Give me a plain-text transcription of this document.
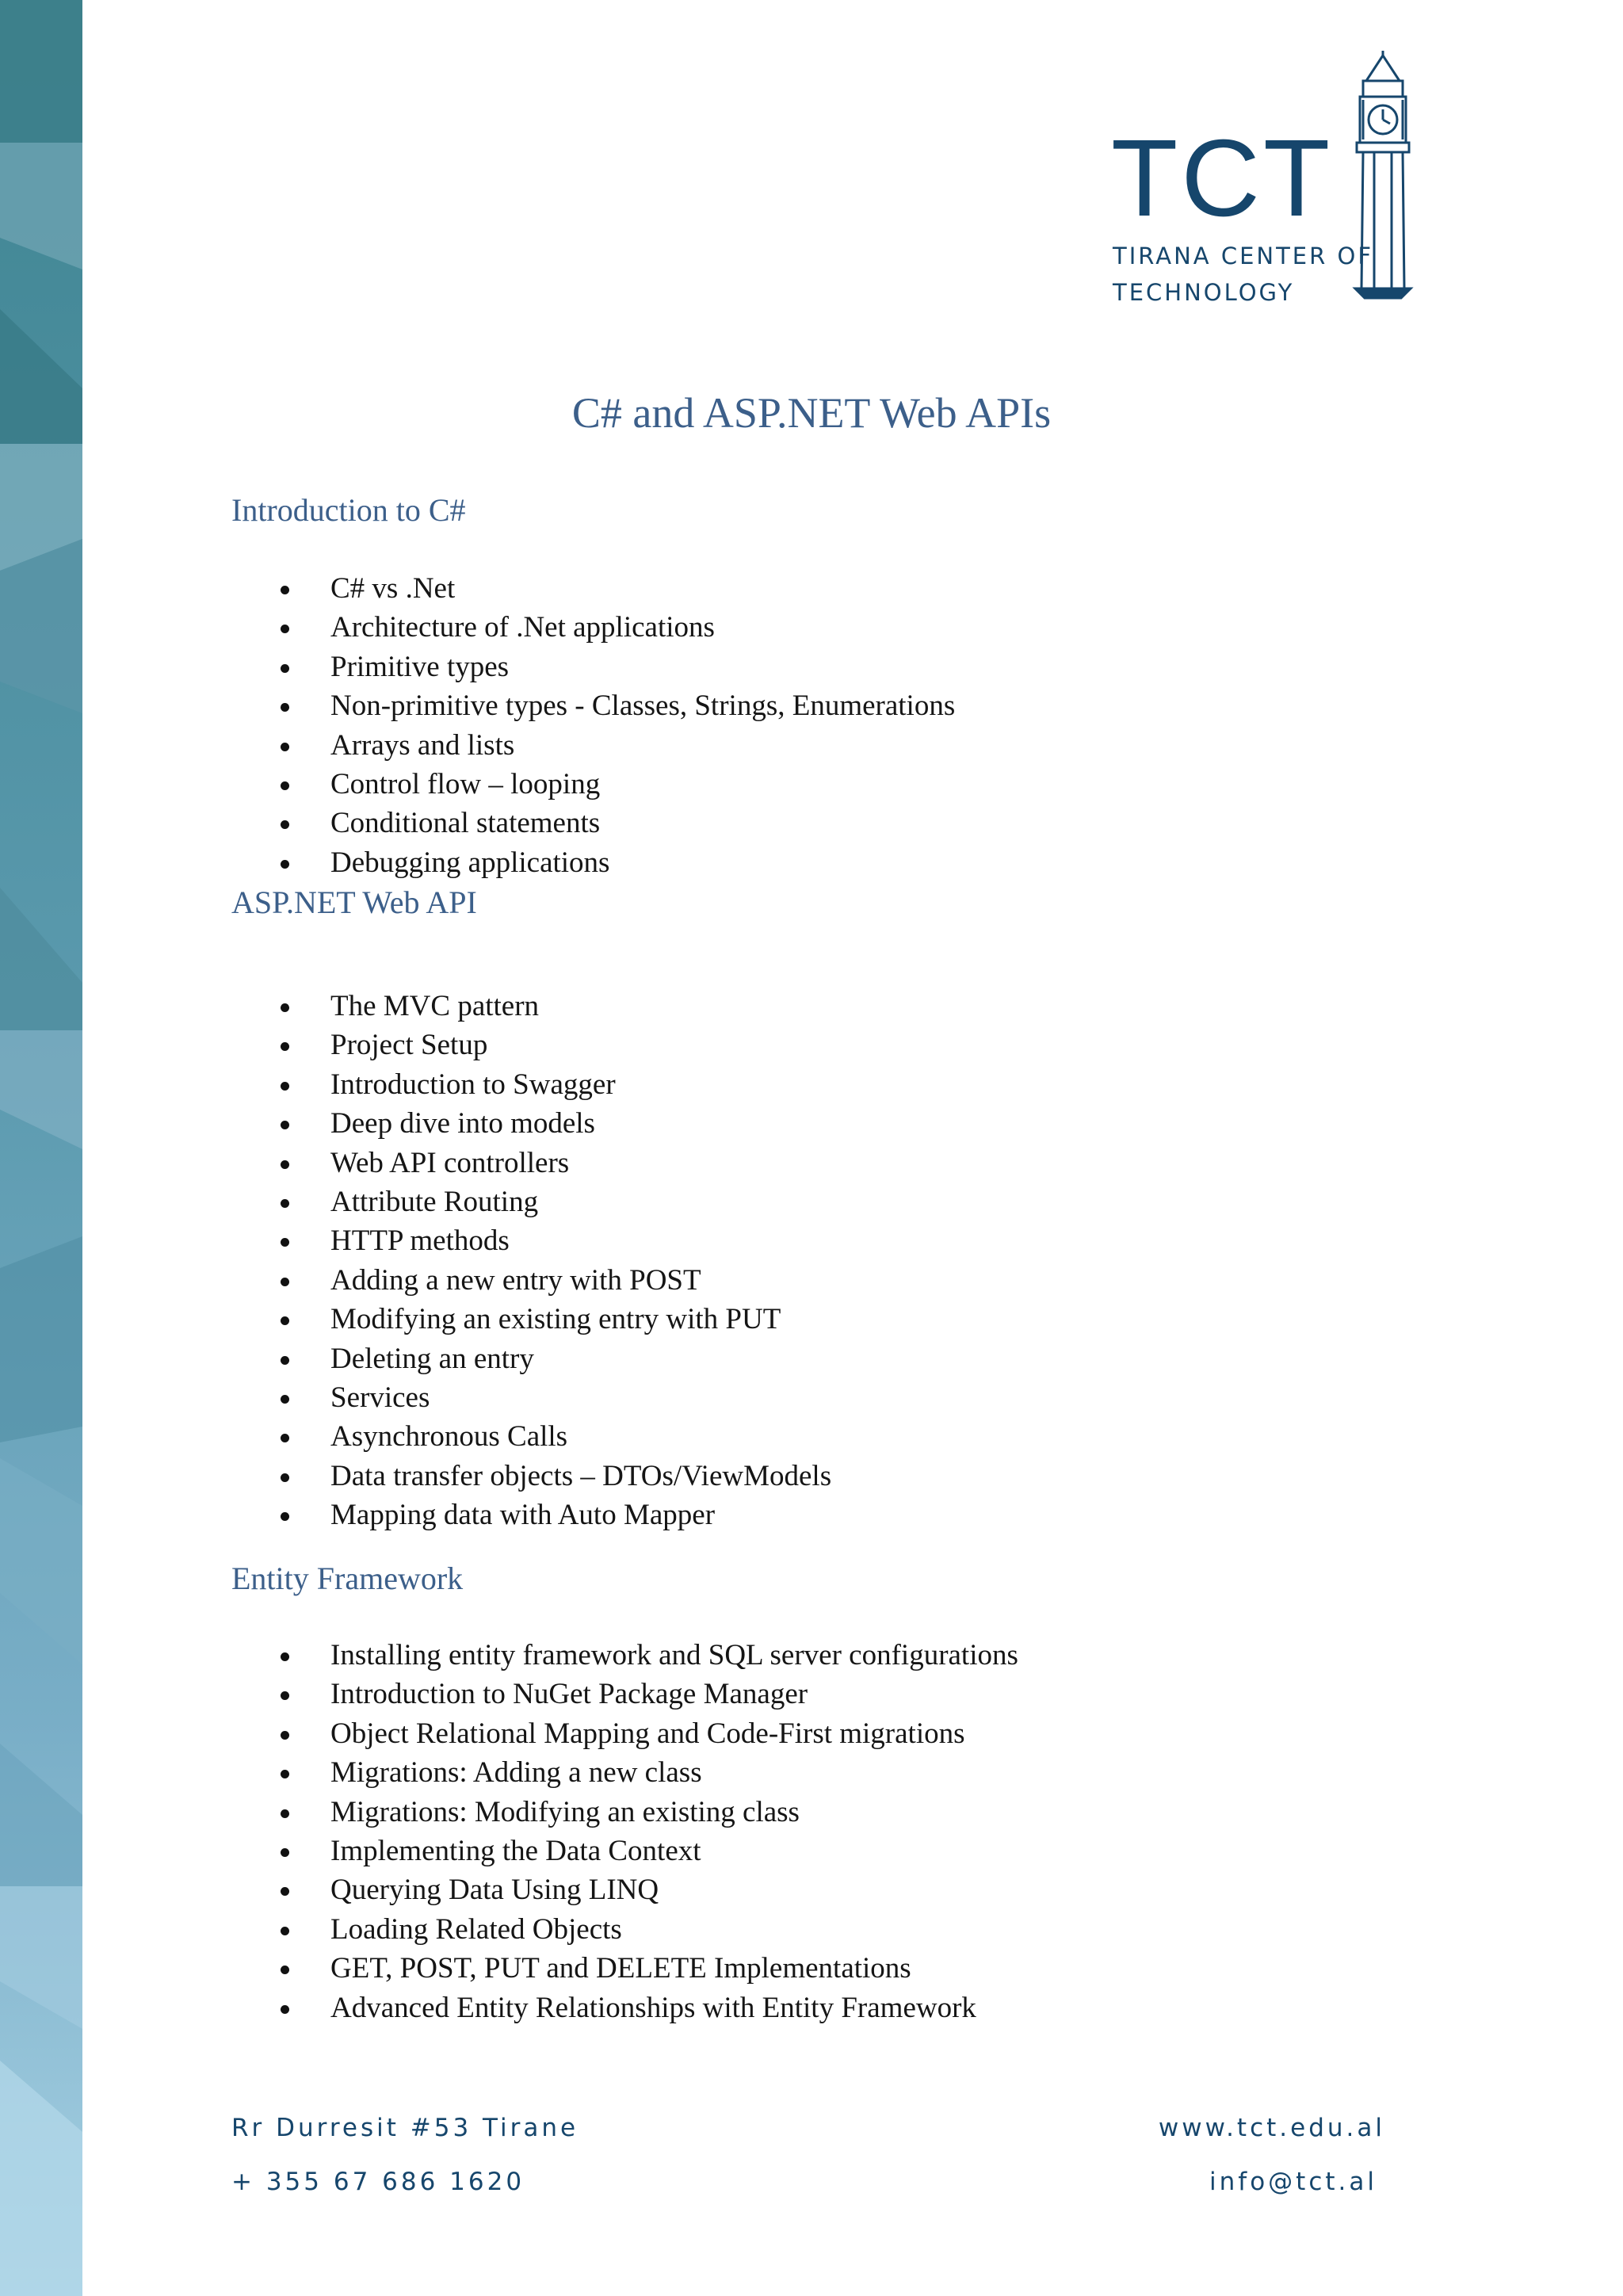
TCT
TIRANA CENTER OF
TECHNOLOGY
C# and ASP.NET Web APIs
Introduction to C#
C# vs .Net
Architecture of .Net applications
Primitive types
Non-primitive types - Classes, Strings, Enumerations
Arrays and lists
Control flow – looping
Conditional statements
Debugging applications
ASP.NET Web API
The MVC pattern
Project Setup
Introduction to Swagger
Deep dive into models
Web API controllers
Attribute Routing
HTTP methods
Adding a new entry with POST
Modifying an existing entry with PUT
Deleting an entry
Services
Asynchronous Calls
Data transfer objects – DTOs/ViewModels
Mapping data with Auto Mapper
Entity Framework
Installing entity framework and SQL server configurations
Introduction to NuGet Package Manager
Object Relational Mapping and Code-First migrations
Migrations: Adding a new class
Migrations: Modifying an existing class
Implementing the Data Context
Querying Data Using LINQ
Loading Related Objects
GET, POST, PUT and DELETE Implementations
Advanced Entity Relationships with Entity Framework
Rr Durresit #53 Tirane
+ 355 67 686 1620
www.tct.edu.al
info@tct.al
